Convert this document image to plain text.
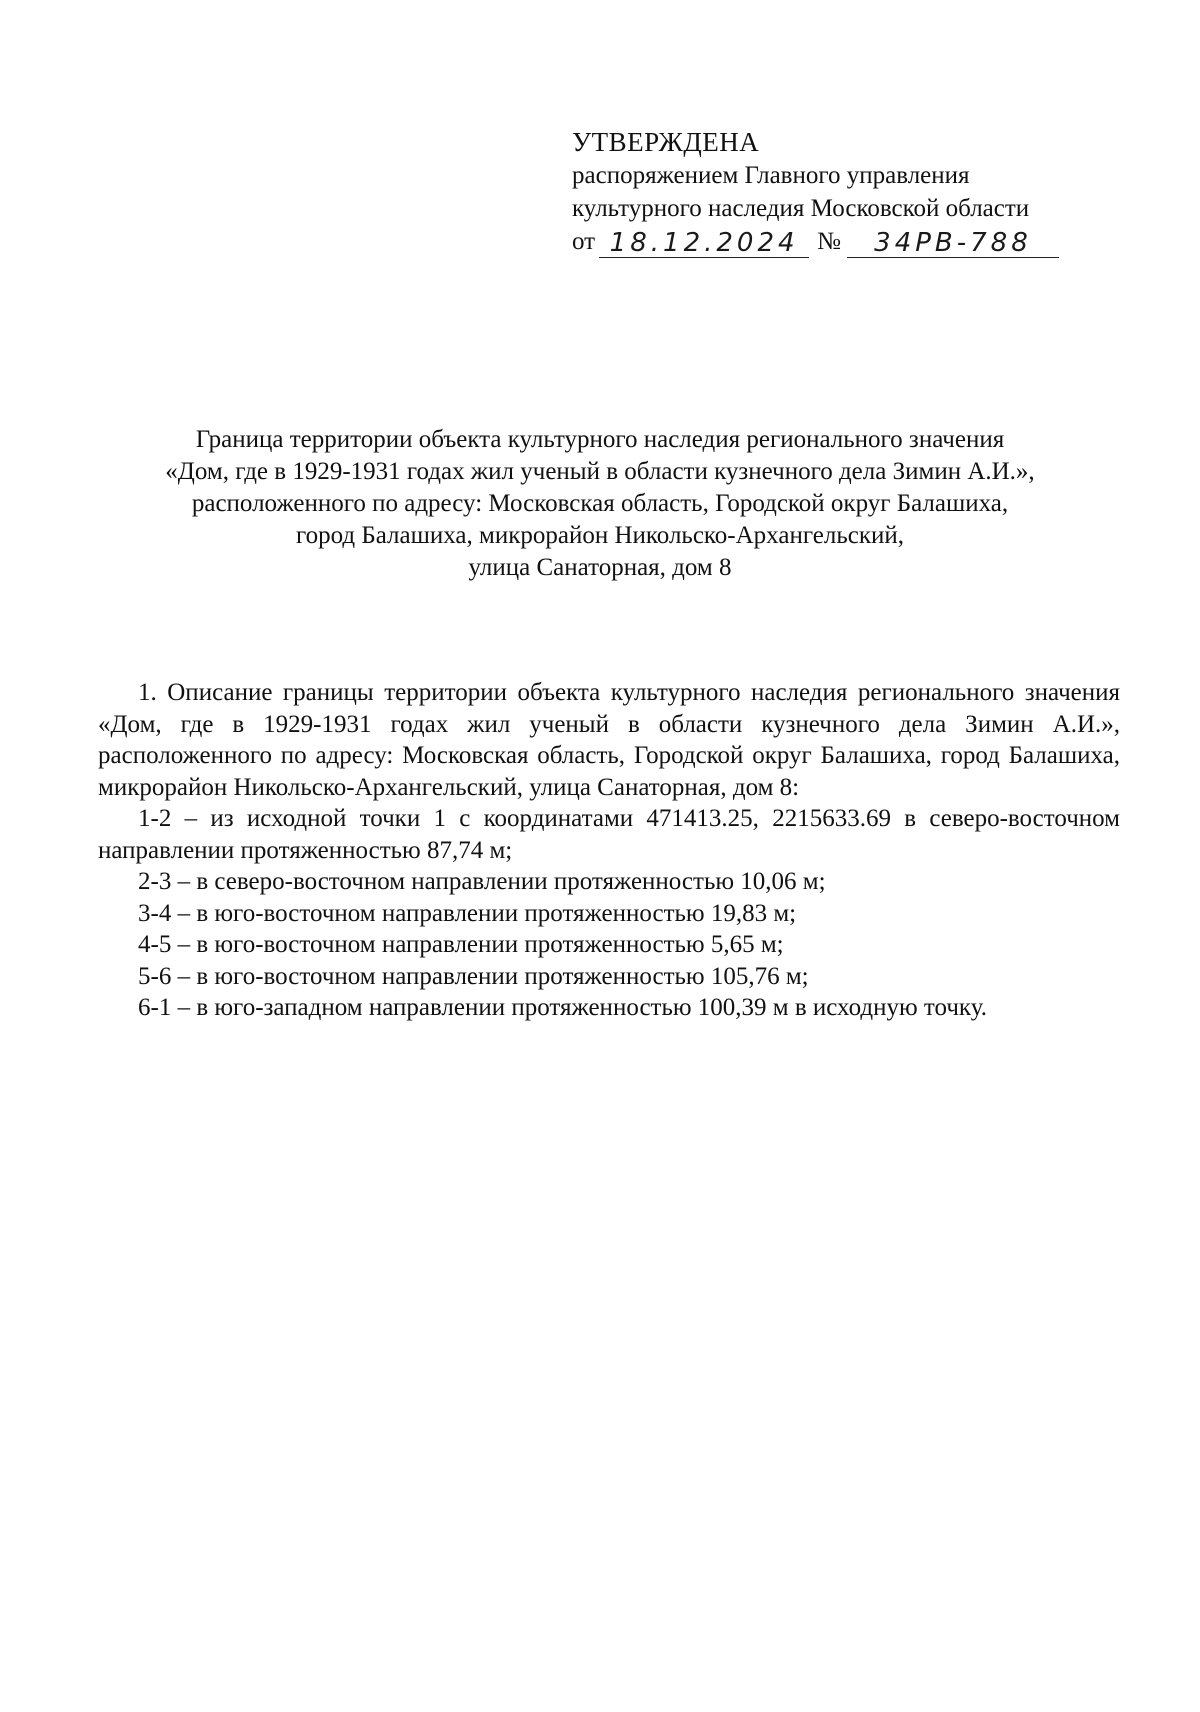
УТВЕРЖДЕНА
распоряжением Главного управления
культурного наследия Московской области
от 18.12.2024 №	34РВ-788
Граница территории объекта культурного наследия регионального значения
«Дом, где в 1929-1931 годах жил ученый в области кузнечного дела Зимин А.И.»,
расположенного по адресу: Московская область, Городской округ Балашиха,
город Балашиха, микрорайон Никольско-Архангельский,
улица Санаторная, дом 8

1. Описание границы территории объекта культурного наследия регионального значения «Дом, где в 1929-1931 годах жил ученый в области кузнечного дела Зимин А.И.», расположенного по адресу: Московская область, Городской округ Балашиха, город Балашиха, микрорайон Никольско-Архангельский, улица Санаторная, дом 8:

1-2 – из исходной точки 1 с координатами 471413.25, 2215633.69 в северо-восточном направлении протяженностью 87,74 м;

2-3 – в северо-восточном направлении протяженностью 10,06 м;

3-4 – в юго-восточном направлении протяженностью 19,83 м;

4-5 – в юго-восточном направлении протяженностью 5,65 м;

5-6 – в юго-восточном направлении протяженностью 105,76 м;

6-1 – в юго-западном направлении протяженностью 100,39 м в исходную точку.
